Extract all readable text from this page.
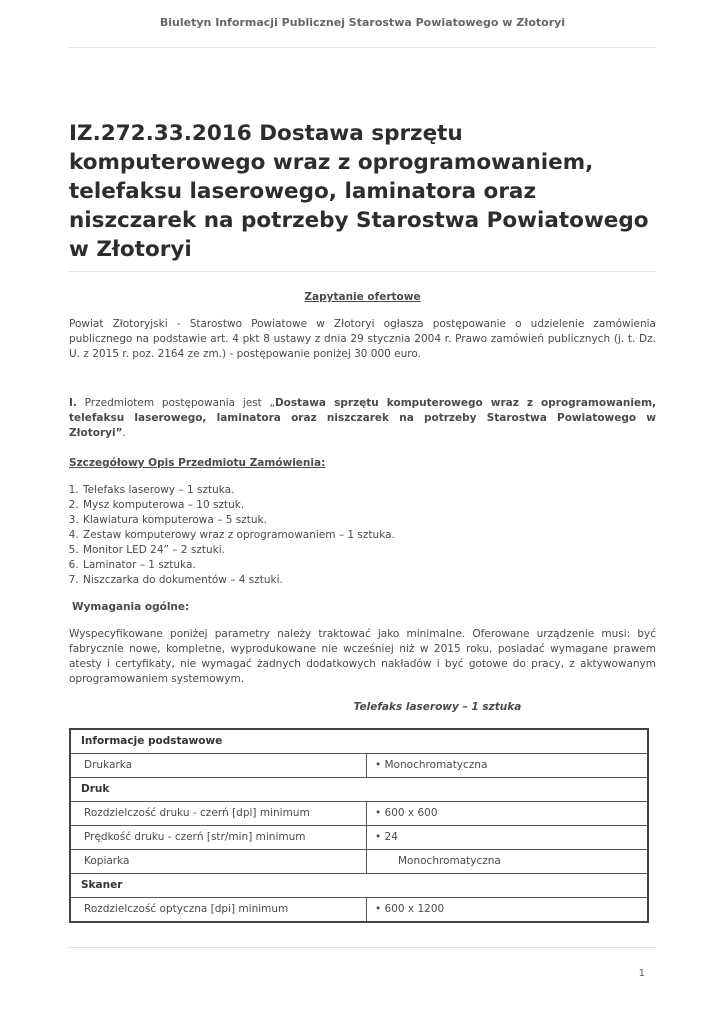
Biuletyn Informacji Publicznej Starostwa Powiatowego w Złotoryi
IZ.272.33.2016 Dostawa sprzętu komputerowego wraz z oprogramowaniem, telefaksu laserowego, laminatora oraz niszczarek na potrzeby Starostwa Powiatowego w Złotoryi

Zapytanie ofertowe

Powiat Złotoryjski - Starostwo Powiatowe w Złotoryi ogłasza postępowanie o udzielenie zamówienia publicznego na podstawie art. 4 pkt 8 ustawy z dnia 29 stycznia 2004 r. Prawo zamówień publicznych (j. t. Dz. U. z 2015 r. poz. 2164 ze zm.) - postępowanie poniżej 30 000 euro.

I. Przedmiotem postępowania jest „Dostawa sprzętu komputerowego wraz z oprogramowaniem, telefaksu laserowego, laminatora oraz niszczarek na potrzeby Starostwa Powiatowego w Złotoryi”.

Szczegółowy Opis Przedmiotu Zamówienia:

1. Telefaks laserowy – 1 sztuka.
2. Mysz komputerowa – 10 sztuk.
3. Klawiatura komputerowa – 5 sztuk.
4. Zestaw komputerowy wraz z oprogramowaniem – 1 sztuka.
5. Monitor LED 24” – 2 sztuki.
6. Laminator – 1 sztuka.
7. Niszczarka do dokumentów – 4 sztuki.

Wymagania ogólne:

Wyspecyfikowane poniżej parametry należy traktować jako minimalne. Oferowane urządzenie musi: być fabrycznie nowe, kompletne, wyprodukowane nie wcześniej niż w 2015 roku, posiadać wymagane prawem atesty i certyfikaty, nie wymagać żadnych dodatkowych nakładów i być gotowe do pracy, z aktywowanym oprogramowaniem systemowym.

Telefaks laserowy – 1 sztuka

Informacje podstawowe	
Drukarka	• Monochromatyczna
Druk	
Rozdzielczość druku - czerń [dpi] minimum	• 600 x 600
Prędkość druku - czerń [str/min] minimum	• 24
Kopiarka	Monochromatyczna
Skaner	
Rozdzielczość optyczna [dpi] minimum	• 600 x 1200
1
